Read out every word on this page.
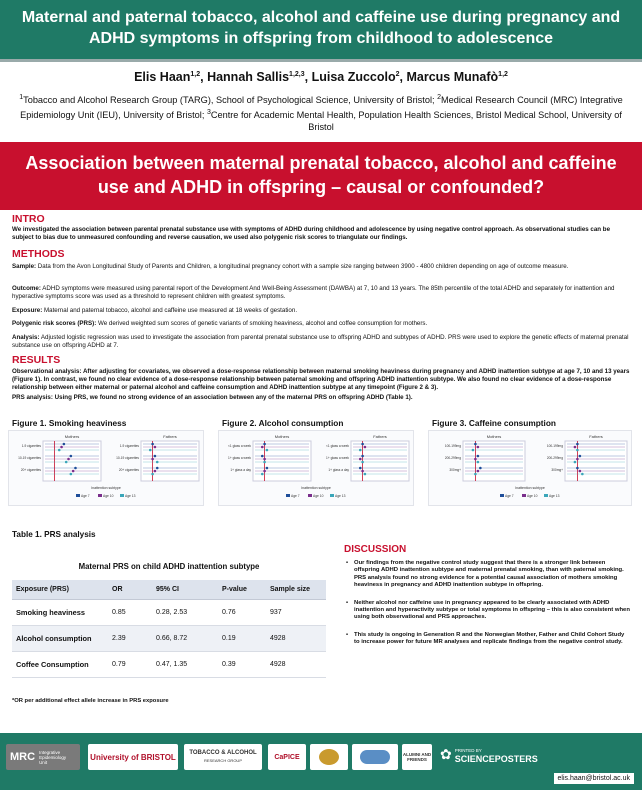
Maternal and paternal tobacco, alcohol and caffeine use during pregnancy and ADHD symptoms in offspring from childhood to adolescence
Elis Haan$^{1,2}$, Hannah Sallis$^{1,2,3}$, Luisa Zuccolo$^2$, Marcus Munafò$^{1,2}$
$^1$Tobacco and Alcohol Research Group (TARG), School of Psychological Science, University of Bristol; $^2$Medical Research Council (MRC) Integrative Epidemiology Unit (IEU), University of Bristol; $^3$Centre for Academic Mental Health, Population Health Sciences, Bristol Medical School, University of Bristol
Association between maternal prenatal tobacco, alcohol and caffeine use and ADHD in offspring – causal or confounded?
INTRO
We investigated the association between parental prenatal substance use with symptoms of ADHD during childhood and adolescence by using negative control approach. As observational studies can be subject to bias due to unmeasured confounding and reverse causation, we used also polygenic risk scores to triangulate our findings.
METHODS
Sample: Data from the Avon Longitudinal Study of Parents and Children, a longitudinal pregnancy cohort with a sample size ranging between 3900 - 4800 children depending on age of outcome measure.
Outcome: ADHD symptoms were measured using parental report of the Development And Well-Being Assessment (DAWBA) at 7, 10 and 13 years. The 85th percentile of the total ADHD and separately for inattention and hyperactive symptoms score was used as a threshold to represent children with greatest symptoms.
Exposure: Maternal and paternal tobacco, alcohol and caffeine use measured at 18 weeks of gestation.
Polygenic risk scores (PRS): We derived weighted sum scores of genetic variants of smoking heaviness, alcohol and coffee consumption for mothers.
Analysis: Adjusted logistic regression was used to investigate the association from parental prenatal substance use to offspring ADHD and subtypes of ADHD. PRS were used to explore the genetic effects of maternal prenatal substance use on offspring ADHD at 7.
RESULTS
Observational analysis: After adjusting for covariates, we observed a dose-response relationship between maternal smoking heaviness during pregnancy and ADHD inattention subtype at age 7, 10 and 13 years (Figure 1). In contrast, we found no clear evidence of a dose-response relationship between paternal smoking and offspring ADHD inattention subtype. We also found no clear evidence of a dose-response relationship between either maternal or paternal alcohol and caffeine consumption and ADHD inattention subtype at any timepoint (Figure 2 & 3).
PRS analysis: Using PRS, we found no strong evidence of an association between any of the maternal PRS on offspring ADHD (Table 1).
Figure 1. Smoking heaviness
Mothers
1-9 cigarettes
10-19 cigarettes
20+ cigarettes
Fathers
1-9 cigarettes
10-19 cigarettes
20+ cigarettes
Inattention subtype
Age 7	Age 10	Age 13
Figure 2. Alcohol consumption
Mothers
<1 glass a week
1+ glass a week
1+ glass a day
Fathers
<1 glass a week
1+ glass a week
1+ glass a day
Inattention subtype
Age 7	Age 10	Age 13
Figure 3. Caffeine consumption
Mothers
100-199mg
200-299mg
300mg+
Fathers
100-199mg
200-299mg
300mg+
Inattention subtype
Age 7	Age 10	Age 13
Table 1. PRS analysis
Maternal PRS on child ADHD inattention subtype
Exposure (PRS)	OR	95% CI	P-value	Sample size
Smoking heaviness	0.85	0.28, 2.53	0.76	937
Alcohol consumption	2.39	0.66, 8.72	0.19	4928
Coffee Consumption	0.79	0.47, 1.35	0.39	4928
*OR per additional effect allele increase in PRS exposure
DISCUSSION
• Our findings from the negative control study suggest that there is a stronger link between offspring ADHD inattention subtype and maternal prenatal smoking, than with paternal smoking. PRS analysis found no strong evidence for a potential causal association of mothers smoking heaviness in pregnancy and ADHD inattention subtype in offspring.
• Neither alcohol nor caffeine use in pregnancy appeared to be clearly associated with ADHD inattention and hyperactivity subtype or total symptoms in offspring – this is also consistent when using both observational and PRS approaches.
• This study is ongoing in Generation R and the Norwegian Mother, Father and Child Cohort Study to increase power for future MR analyses and replicate findings from the negative control study.
MRC Integrative Epidemiology Unit
University of BRISTOL TOBACCO & ALCOHOL
RESEARCH GROUP	CaPICE	ALUMNI AND FRIENDS ✿ PRINTED BY
SCIENCEPOSTERS
elis.haan@bristol.ac.uk
